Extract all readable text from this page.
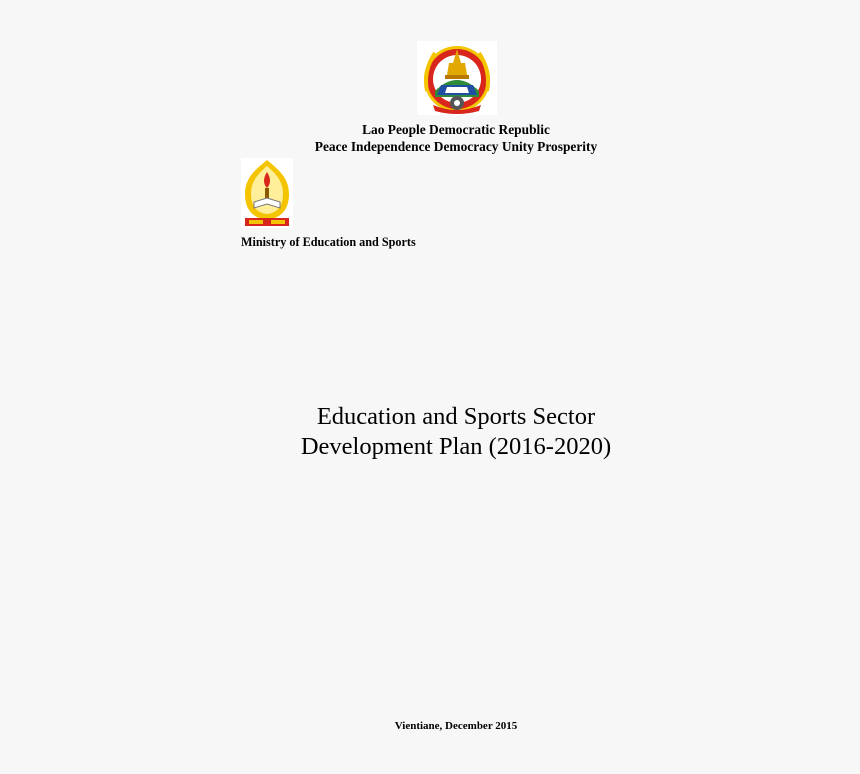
Lao People Democratic Republic
Peace Independence Democracy Unity Prosperity
Ministry of Education and Sports
Education and Sports Sector
Development Plan (2016-2020)
Vientiane, December 2015
